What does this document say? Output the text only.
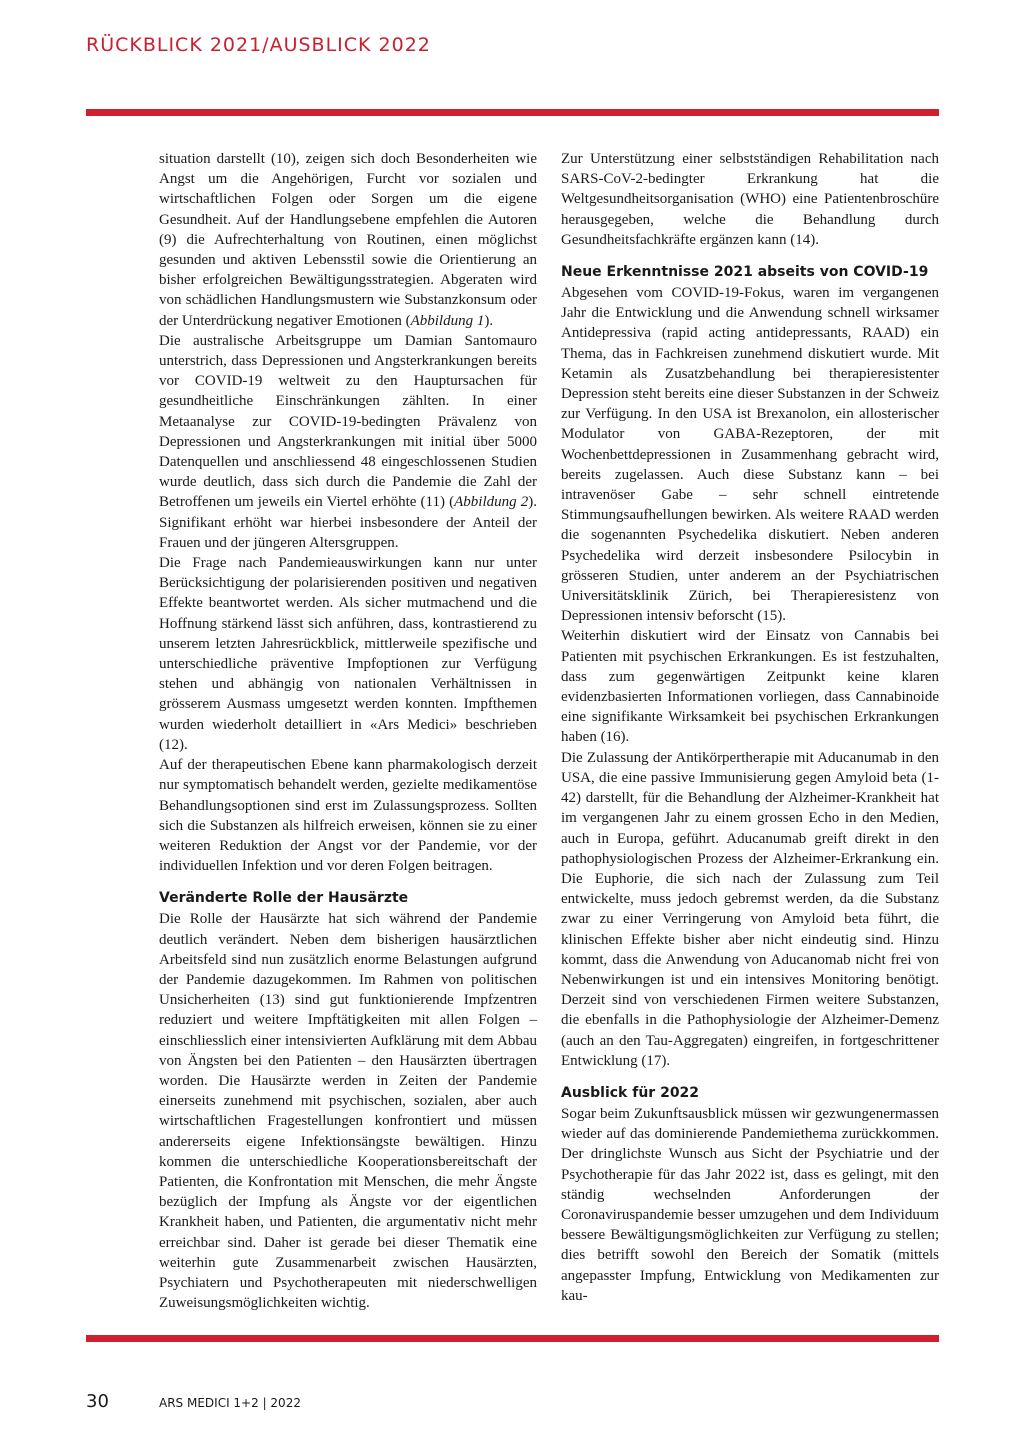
RÜCKBLICK 2021/AUSBLICK 2022

situation darstellt (10), zeigen sich doch Besonderheiten wie Angst um die Angehörigen, Furcht vor sozialen und wirtschaftlichen Folgen oder Sorgen um die eigene Gesundheit. Auf der Handlungsebene empfehlen die Autoren (9) die Aufrechterhaltung von Routinen, einen möglichst gesunden und aktiven Lebensstil sowie die Orientierung an bisher erfolgreichen Bewältigungsstrategien. Abgeraten wird von schädlichen Handlungsmustern wie Substanzkonsum oder der Unterdrückung negativer Emotionen (Abbildung 1).

Die australische Arbeitsgruppe um Damian Santomauro unterstrich, dass Depressionen und Angsterkrankungen bereits vor COVID-19 weltweit zu den Hauptursachen für gesundheitliche Einschränkungen zählten. In einer Metaanalyse zur COVID-19-bedingten Prävalenz von Depressionen und Angsterkrankungen mit initial über 5000 Datenquellen und anschliessend 48 eingeschlossenen Studien wurde deutlich, dass sich durch die Pandemie die Zahl der Betroffenen um jeweils ein Viertel erhöhte (11) (Abbildung 2). Signifikant erhöht war hierbei insbesondere der Anteil der Frauen und der jüngeren Altersgruppen.

Die Frage nach Pandemieauswirkungen kann nur unter Berücksichtigung der polarisierenden positiven und negativen Effekte beantwortet werden. Als sicher mutmachend und die Hoffnung stärkend lässt sich anführen, dass, kontrastierend zu unserem letzten Jahresrückblick, mittlerweile spezifische und unterschiedliche präventive Impfoptionen zur Verfügung stehen und abhängig von nationalen Verhältnissen in grösserem Ausmass umgesetzt werden konnten. Impfthemen wurden wiederholt detailliert in «Ars Medici» beschrieben (12).

Auf der therapeutischen Ebene kann pharmakologisch derzeit nur symptomatisch behandelt werden, gezielte medikamentöse Behandlungsoptionen sind erst im Zulassungsprozess. Sollten sich die Substanzen als hilfreich erweisen, können sie zu einer weiteren Reduktion der Angst vor der Pandemie, vor der individuellen Infektion und vor deren Folgen beitragen.

Veränderte Rolle der Hausärzte

Die Rolle der Hausärzte hat sich während der Pandemie deutlich verändert. Neben dem bisherigen hausärztlichen Arbeitsfeld sind nun zusätzlich enorme Belastungen aufgrund der Pandemie dazugekommen. Im Rahmen von politischen Unsicherheiten (13) sind gut funktionierende Impfzentren reduziert und weitere Impftätigkeiten mit allen Folgen – einschliesslich einer intensivierten Aufklärung mit dem Abbau von Ängsten bei den Patienten – den Hausärzten übertragen worden. Die Hausärzte werden in Zeiten der Pandemie einerseits zunehmend mit psychischen, sozialen, aber auch wirtschaftlichen Fragestellungen konfrontiert und müssen andererseits eigene Infektionsängste bewältigen. Hinzu kommen die unterschiedliche Kooperationsbereitschaft der Patienten, die Konfrontation mit Menschen, die mehr Ängste bezüglich der Impfung als Ängste vor der eigentlichen Krankheit haben, und Patienten, die argumentativ nicht mehr erreichbar sind. Daher ist gerade bei dieser Thematik eine weiterhin gute Zusammenarbeit zwischen Hausärzten, Psychiatern und Psychotherapeuten mit niederschwelligen Zuweisungsmöglichkeiten wichtig.

Zur Unterstützung einer selbstständigen Rehabilitation nach SARS-CoV-2-bedingter Erkrankung hat die Weltgesundheitsorganisation (WHO) eine Patientenbroschüre herausgegeben, welche die Behandlung durch Gesundheitsfachkräfte ergänzen kann (14).

Neue Erkenntnisse 2021 abseits von COVID-19

Abgesehen vom COVID-19-Fokus, waren im vergangenen Jahr die Entwicklung und die Anwendung schnell wirksamer Antidepressiva (rapid acting antidepressants, RAAD) ein Thema, das in Fachkreisen zunehmend diskutiert wurde. Mit Ketamin als Zusatzbehandlung bei therapieresistenter Depression steht bereits eine dieser Substanzen in der Schweiz zur Verfügung. In den USA ist Brexanolon, ein allosterischer Modulator von GABA-Rezeptoren, der mit Wochenbettdepressionen in Zusammenhang gebracht wird, bereits zugelassen. Auch diese Substanz kann – bei intravenöser Gabe – sehr schnell eintretende Stimmungsaufhellungen bewirken. Als weitere RAAD werden die sogenannten Psychedelika diskutiert. Neben anderen Psychedelika wird derzeit insbesondere Psilocybin in grösseren Studien, unter anderem an der Psychiatrischen Universitätsklinik Zürich, bei Therapieresistenz von Depressionen intensiv beforscht (15).

Weiterhin diskutiert wird der Einsatz von Cannabis bei Patienten mit psychischen Erkrankungen. Es ist festzuhalten, dass zum gegenwärtigen Zeitpunkt keine klaren evidenzbasierten Informationen vorliegen, dass Cannabinoide eine signifikante Wirksamkeit bei psychischen Erkrankungen haben (16).

Die Zulassung der Antikörpertherapie mit Aducanumab in den USA, die eine passive Immunisierung gegen Amyloid beta (1-42) darstellt, für die Behandlung der Alzheimer-Krankheit hat im vergangenen Jahr zu einem grossen Echo in den Medien, auch in Europa, geführt. Aducanumab greift direkt in den pathophysiologischen Prozess der Alzheimer-Erkrankung ein. Die Euphorie, die sich nach der Zulassung zum Teil entwickelte, muss jedoch gebremst werden, da die Substanz zwar zu einer Verringerung von Amyloid beta führt, die klinischen Effekte bisher aber nicht eindeutig sind. Hinzu kommt, dass die Anwendung von Aducanomab nicht frei von Nebenwirkungen ist und ein intensives Monitoring benötigt. Derzeit sind von verschiedenen Firmen weitere Substanzen, die ebenfalls in die Pathophysiologie der Alzheimer-Demenz (auch an den Tau-Aggregaten) eingreifen, in fortgeschrittener Entwicklung (17).

Ausblick für 2022

Sogar beim Zukunftsausblick müssen wir gezwungenermassen wieder auf das dominierende Pandemiethema zurückkommen. Der dringlichste Wunsch aus Sicht der Psychiatrie und der Psychotherapie für das Jahr 2022 ist, dass es gelingt, mit den ständig wechselnden Anforderungen der Coronaviruspandemie besser umzugehen und dem Individuum bessere Bewältigungsmöglichkeiten zur Verfügung zu stellen; dies betrifft sowohl den Bereich der Somatik (mittels angepasster Impfung, Entwicklung von Medikamenten zur kau-

30	ARS MEDICI 1+2 | 2022
